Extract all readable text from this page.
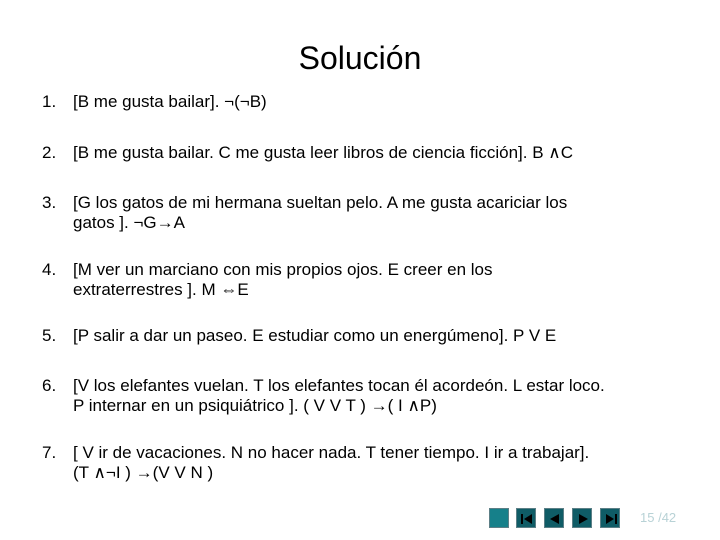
Solución
1. [B me gusta bailar]. ¬(¬B)
2. [B me gusta bailar. C me gusta leer libros de ciencia ficción]. B ∧C
3. [G los gatos de mi hermana sueltan pelo. A me gusta acariciar los
gatos ]. ¬G→A
4. [M ver un marciano con mis propios ojos. E creer en los
extraterrestres ]. M ⇔E
5. [P salir a dar un paseo. E estudiar como un energúmeno]. P V E
6. [V los elefantes vuelan. T los elefantes tocan él acordeón. L estar loco.
P internar en un psiquiátrico ]. ( V V T ) →( I ∧P)
7. [ V ir de vacaciones. N no hacer nada. T tener tiempo. I ir a trabajar].
(T ∧¬I ) →(V V N )
15 /42
